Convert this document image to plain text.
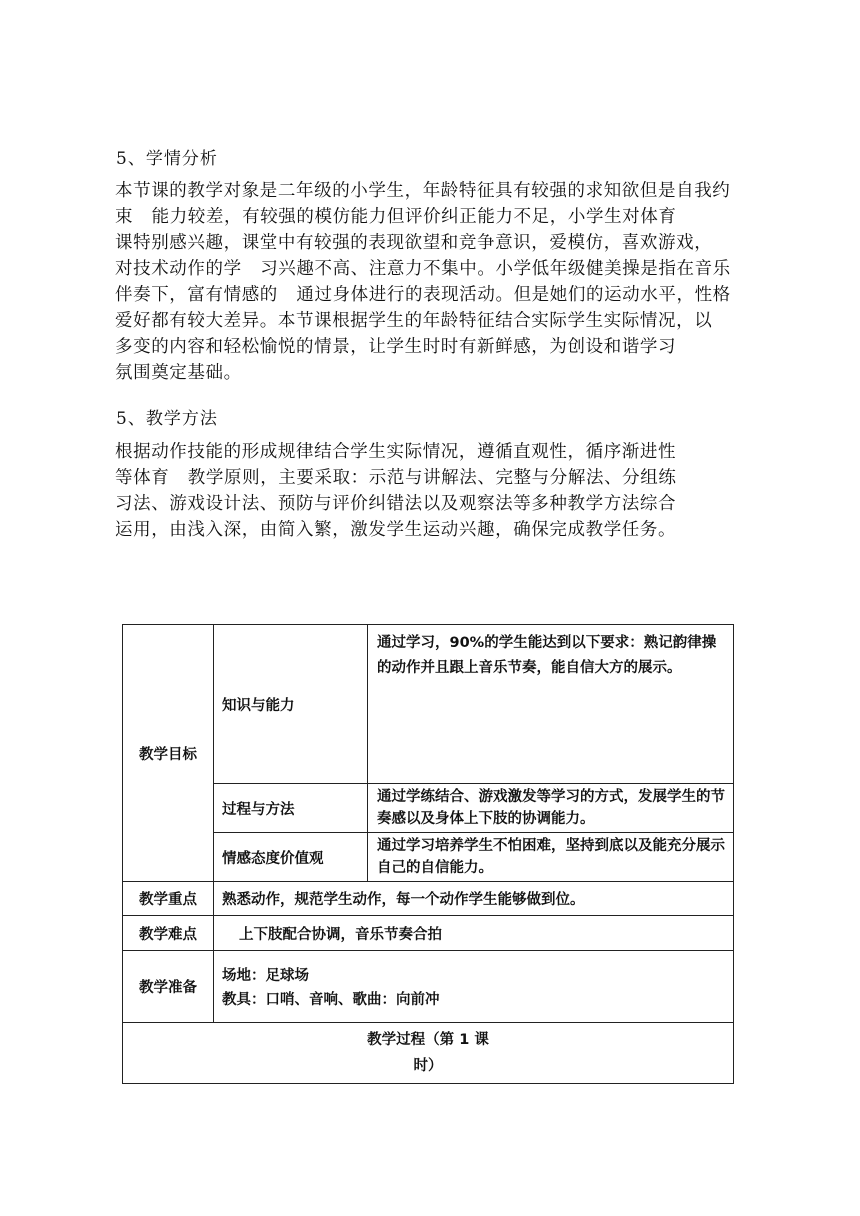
5、学情分析

本节课的教学对象是二年级的小学生，年龄特征具有较强的求知欲但是自我约

束   能力较差，有较强的模仿能力但评价纠正能力不足，小学生对体育

课特别感兴趣，课堂中有较强的表现欲望和竞争意识，爱模仿，喜欢游戏，

对技术动作的学   习兴趣不高、注意力不集中。小学低年级健美操是指在音乐

伴奏下，富有情感的   通过身体进行的表现活动。但是她们的运动水平，性格

爱好都有较大差异。本节课根据学生的年龄特征结合实际学生实际情况，以

多变的内容和轻松愉悦的情景，让学生时时有新鲜感，为创设和谐学习

氛围奠定基础。

5、教学方法

根据动作技能的形成规律结合学生实际情况，遵循直观性，循序渐进性

等体育   教学原则，主要采取：示范与讲解法、完整与分解法、分组练

习法、游戏设计法、预防与评价纠错法以及观察法等多种教学方法综合

运用，由浅入深，由简入繁，激发学生运动兴趣，确保完成教学任务。

教学目标	知识与能力	通过学习，90%的学生能达到以下要求：熟记韵律操的动作并且跟上音乐节奏，能自信大方的展示。
	过程与方法	通过学练结合、游戏激发等学习的方式，发展学生的节奏感以及身体上下肢的协调能力。
	情感态度价值观	通过学习培养学生不怕困难，坚持到底以及能充分展示自己的自信能力。
教学重点	熟悉动作，规范学生动作，每一个动作学生能够做到位。	
教学难点	上下肢配合协调，音乐节奏合拍	
教学准备	场地：足球场
教具：口哨、音响、歌曲：向前冲	

教学过程（第 1 课
时）		
